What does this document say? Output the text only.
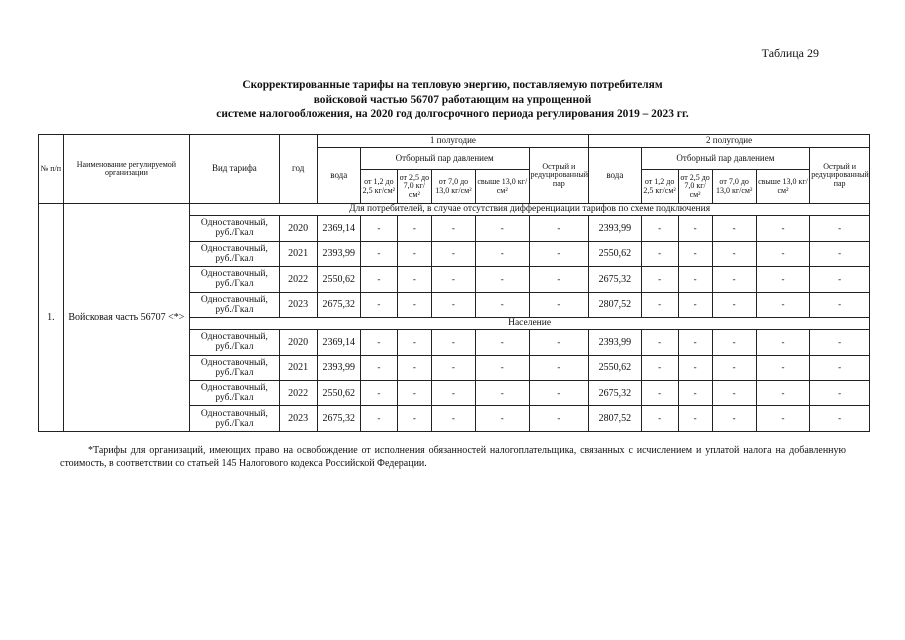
Таблица 29
Скорректированные тарифы на тепловую энергию, поставляемую потребителям
войсковой частью 56707 работающим на упрощенной
системе налогообложения, на 2020 год долгосрочного периода регулирования 2019 – 2023 гг.
№ п/п	Наименование регулируемой организации	Вид тарифа	год	1 полугодие						2 полугодие					
				вода	Отборный пар давлением				Острый и редуцированный пар	вода	Отборный пар давлением				Острый и редуцированный пар
					от 1,2 до 2,5 кг/см²	от 2,5 до 7,0 кг/см²	от 7,0 до 13,0 кг/см²	свыше 13,0 кг/см²			от 1,2 до 2,5 кг/см²	от 2,5 до 7,0 кг/см²	от 7,0 до 13,0 кг/см²	свыше 13,0 кг/см²	
1.	Войсковая часть 56707 <*>	Для потребителей, в случае отсутствия дифференциации тарифов по схеме подключения													
		Одноставочный, руб./Гкал	2020	2369,14	-	-	-	-	-	2393,99	-	-	-	-	-
		Одноставочный, руб./Гкал	2021	2393,99	-	-	-	-	-	2550,62	-	-	-	-	-
		Одноставочный, руб./Гкал	2022	2550,62	-	-	-	-	-	2675,32	-	-	-	-	-
		Одноставочный, руб./Гкал	2023	2675,32	-	-	-	-	-	2807,52	-	-	-	-	-
		Население													
		Одноставочный, руб./Гкал	2020	2369,14	-	-	-	-	-	2393,99	-	-	-	-	-
		Одноставочный, руб./Гкал	2021	2393,99	-	-	-	-	-	2550,62	-	-	-	-	-
		Одноставочный, руб./Гкал	2022	2550,62	-	-	-	-	-	2675,32	-	-	-	-	-
		Одноставочный, руб./Гкал	2023	2675,32	-	-	-	-	-	2807,52	-	-	-	-	-
*Тарифы для организаций, имеющих право на освобождение от исполнения обязанностей налогоплательщика, связанных с исчислением и уплатой налога на добавленную стоимость, в соответствии со статьей 145 Налогового кодекса Российской Федерации.
